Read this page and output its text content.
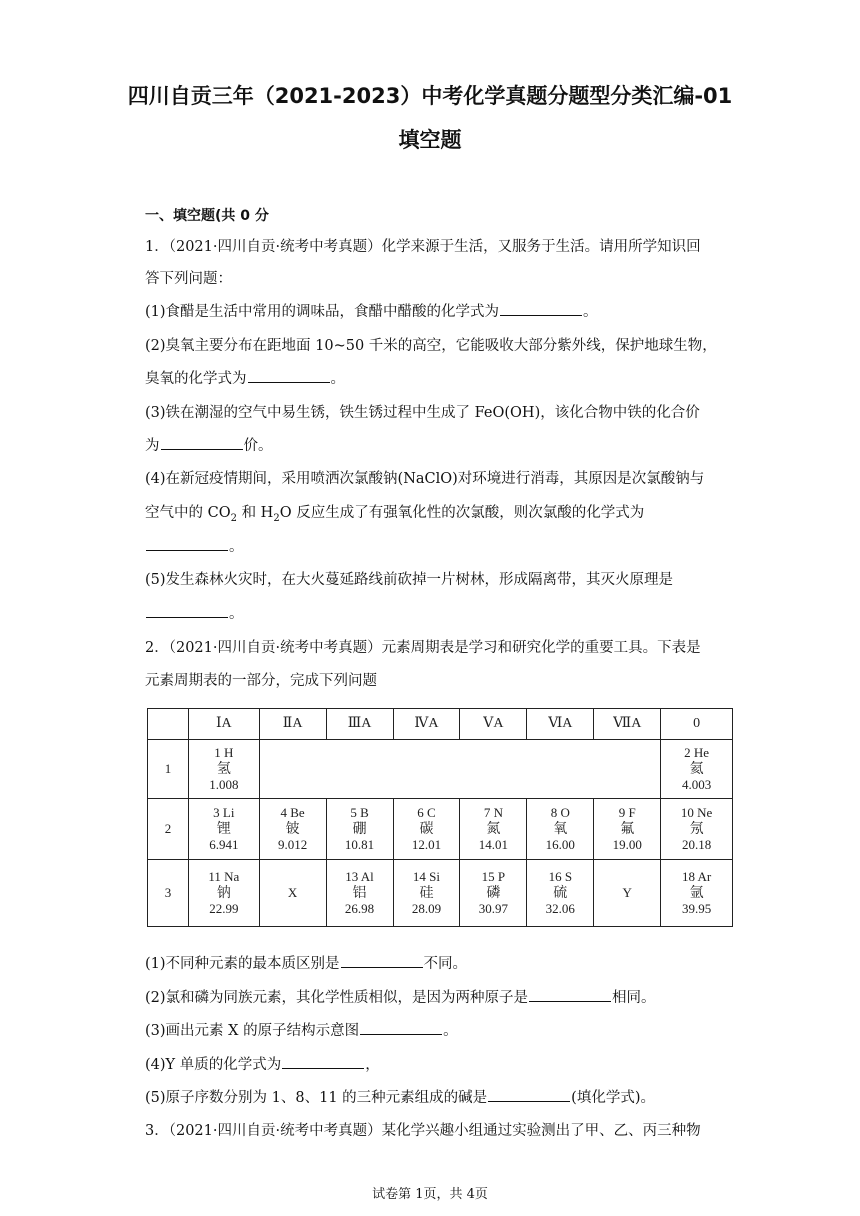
四川自贡三年（2021-2023）中考化学真题分题型分类汇编-01
填空题
一、填空题(共 0 分
1．（2021·四川自贡·统考中考真题）化学来源于生活，又服务于生活。请用所学知识回
答下列问题：
(1)食醋是生活中常用的调味品，食醋中醋酸的化学式为	。
(2)臭氧主要分布在距地面 10~50 千米的高空，它能吸收大部分紫外线，保护地球生物，
臭氧的化学式为	。
(3)铁在潮湿的空气中易生锈，铁生锈过程中生成了 FeO(OH)，该化合物中铁的化合价
为	价。
(4)在新冠疫情期间，采用喷洒次氯酸钠(NaClO)对环境进行消毒，其原因是次氯酸钠与
空气中的 $CO_2$ 和 $H_2O$ 反应生成了有强氧化性的次氯酸，则次氯酸的化学式为
。
(5)发生森林火灾时，在大火蔓延路线前砍掉一片树林，形成隔离带，其灭火原理是
。
2．（2021·四川自贡·统考中考真题）元素周期表是学习和研究化学的重要工具。下表是
元素周期表的一部分，完成下列问题
	ⅠA	ⅡA	ⅢA	ⅣA	ⅤA	ⅥA	ⅦA	0
1	1 H
氢
1.008							2 He
氦
4.003

2	3 Li
锂
6.941	4 Be
铍
9.012	5 B
硼
10.81	6 C
碳
12.01	7 N
氮
14.01	8 O
氧
16.00	9 F
氟
19.00	10 Ne
氖
20.18

3	11 Na
钠
22.99	X	13 Al
铝
26.98	14 Si
硅
28.09	15 P
磷
30.97	16 S
硫
32.06	Y	18 Ar
氩
39.95
(1)不同种元素的最本质区别是	不同。
(2)氯和磷为同族元素，其化学性质相似，是因为两种原子是	相同。
(3)画出元素 X 的原子结构示意图	。
(4)Y 单质的化学式为	，
(5)原子序数分别为 1、8、11 的三种元素组成的碱是	(填化学式)。
3．（2021·四川自贡·统考中考真题）某化学兴趣小组通过实验测出了甲、乙、丙三种物
试卷第 1页，共 4页
